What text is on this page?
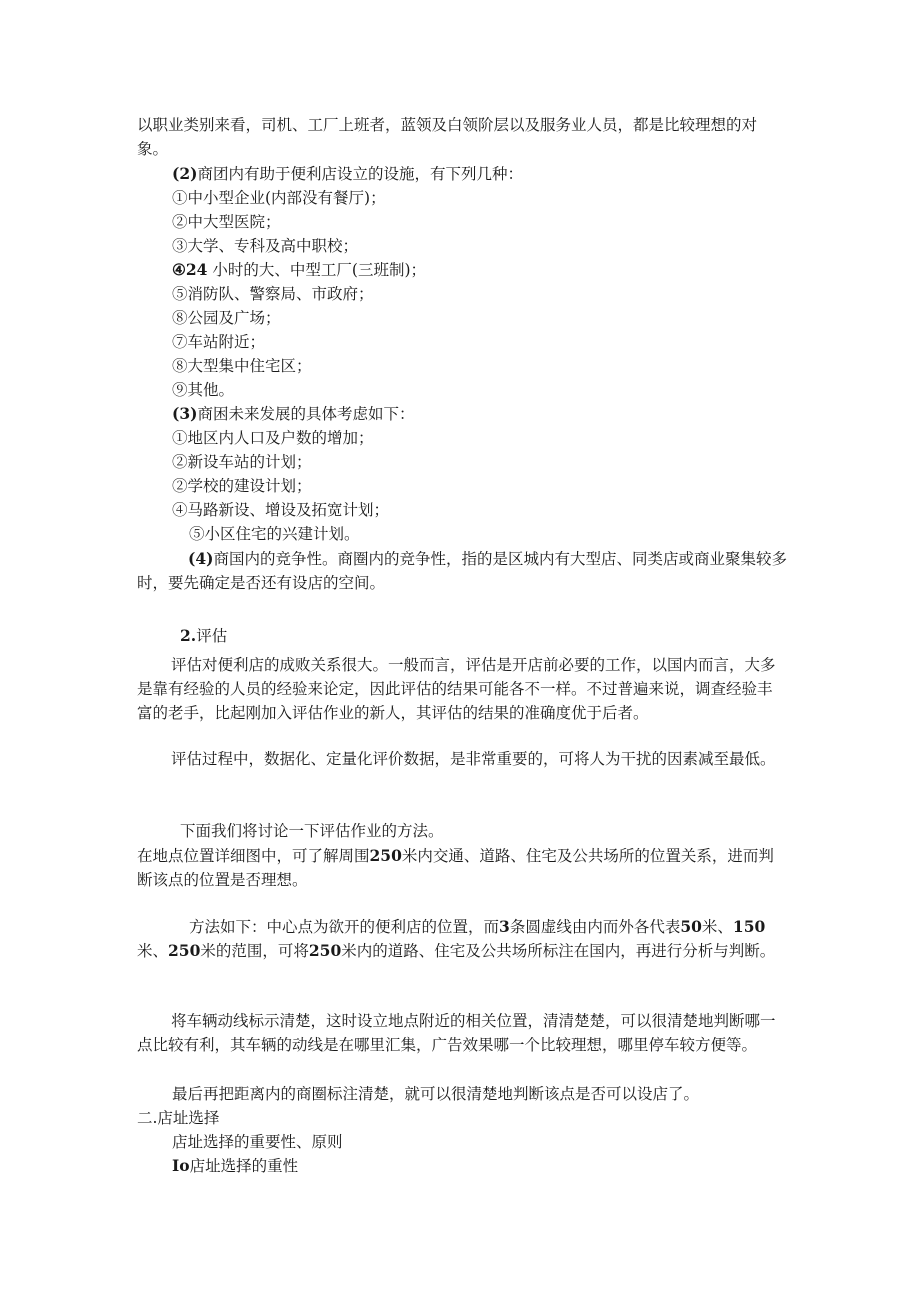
以职业类别来看，司机、工厂上班者，蓝领及白领阶层以及服务业人员，都是比较理想的对象。
(2)商团内有助于便利店设立的设施，有下列几种：
①中小型企业(内部没有餐厅)；
②中大型医院；
③大学、专科及高中职校；
④24 小时的大、中型工厂(三班制)；
⑤消防队、警察局、市政府；
⑧公园及广场；
⑦车站附近；
⑧大型集中住宅区；
⑨其他。
(3)商困未来发展的具体考虑如下：
①地区内人口及户数的增加；
②新设车站的计划；
②学校的建设计划；
④马路新设、增设及拓宽计划；
⑤小区住宅的兴建计划。
(4)商国内的竞争性。商圈内的竞争性，指的是区城内有大型店、同类店或商业聚集较多时，要先确定是否还有设店的空间。
2.评估
评估对便利店的成败关系很大。一般而言，评估是开店前必要的工作，以国内而言，大多是靠有经验的人员的经验来论定，因此评估的结果可能各不一样。不过普遍来说，调查经验丰富的老手，比起刚加入评估作业的新人，其评估的结果的准确度优于后者。
评估过程中，数据化、定量化评价数据，是非常重要的，可将人为干扰的因素减至最低。
下面我们将讨论一下评估作业的方法。
在地点位置详细图中，可了解周围250米内交通、道路、住宅及公共场所的位置关系，进而判断该点的位置是否理想。
方法如下：中心点为欲开的便利店的位置，而3条圆虚线由内而外各代表50米、150米、250米的范围，可将250米内的道路、住宅及公共场所标注在国内，再进行分析与判断。
将车辆动线标示清楚，这时设立地点附近的相关位置，清清楚楚，可以很清楚地判断哪一点比较有利，其车辆的动线是在哪里汇集，广告效果哪一个比较理想，哪里停车较方便等。
最后再把距离内的商圈标注清楚，就可以很清楚地判断该点是否可以设店了。
二.店址选择
店址选择的重要性、原则
Io店址选择的重性
